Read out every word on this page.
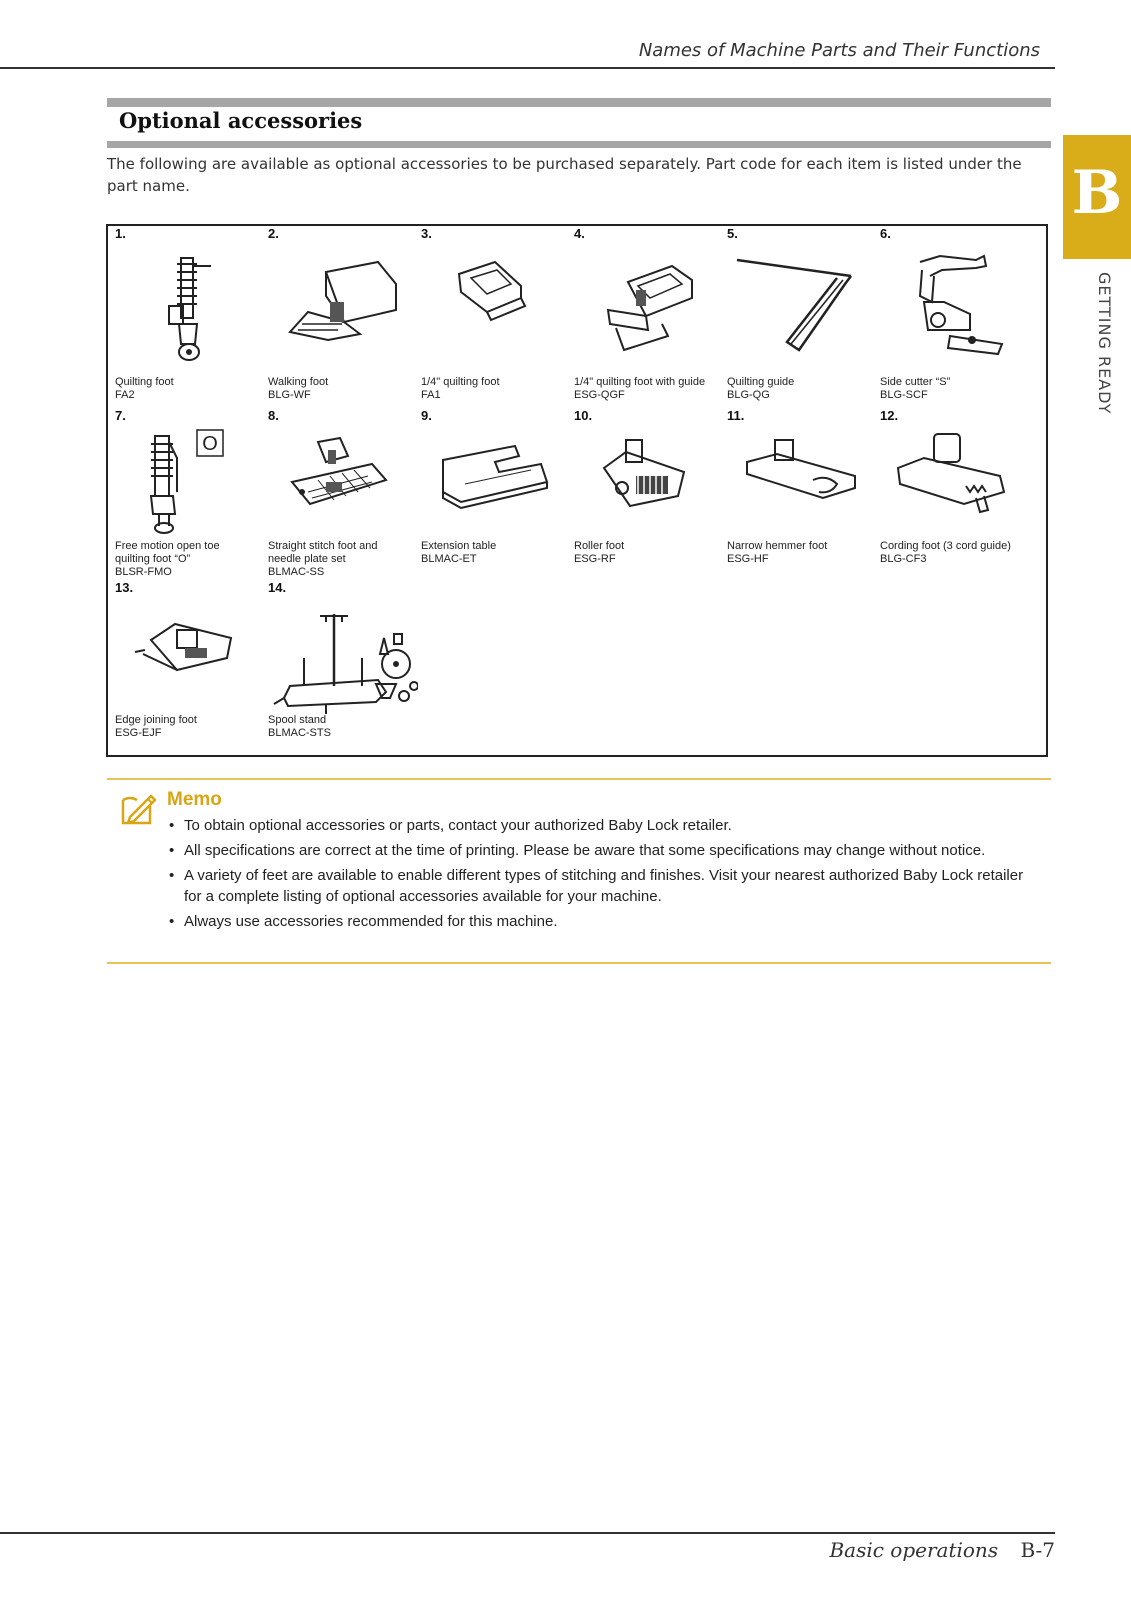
Names of Machine Parts and Their Functions
B
GETTING READY
Optional accessories

The following are available as optional accessories to be purchased separately. Part code for each item is listed under the part name.

1.
Quilting foot
FA2
2.
Walking foot
BLG-WF
3.
1/4" quilting foot
FA1
4.
1/4" quilting foot with guide
ESG-QGF
5.
Quilting guide
BLG-QG
6.
Side cutter “S”
BLG-SCF
7.
O
Free motion open toe
quilting foot “O”
BLSR-FMO
8.
Straight stitch foot and
needle plate set
BLMAC-SS
9.
Extension table
BLMAC-ET
10.
Roller foot
ESG-RF
11.
Narrow hemmer foot
ESG-HF
12.
Cording foot (3 cord guide)
BLG-CF3
13.
Edge joining foot
ESG-EJF
14.
Spool stand
BLMAC-STS
Memo
• To obtain optional accessories or parts, contact your authorized Baby Lock retailer.
• All specifications are correct at the time of printing. Please be aware that some specifications may change without notice.
• A variety of feet are available to enable different types of stitching and finishes. Visit your nearest authorized Baby Lock retailer for a complete listing of optional accessories available for your machine.
• Always use accessories recommended for this machine.
Basic operations B-7
